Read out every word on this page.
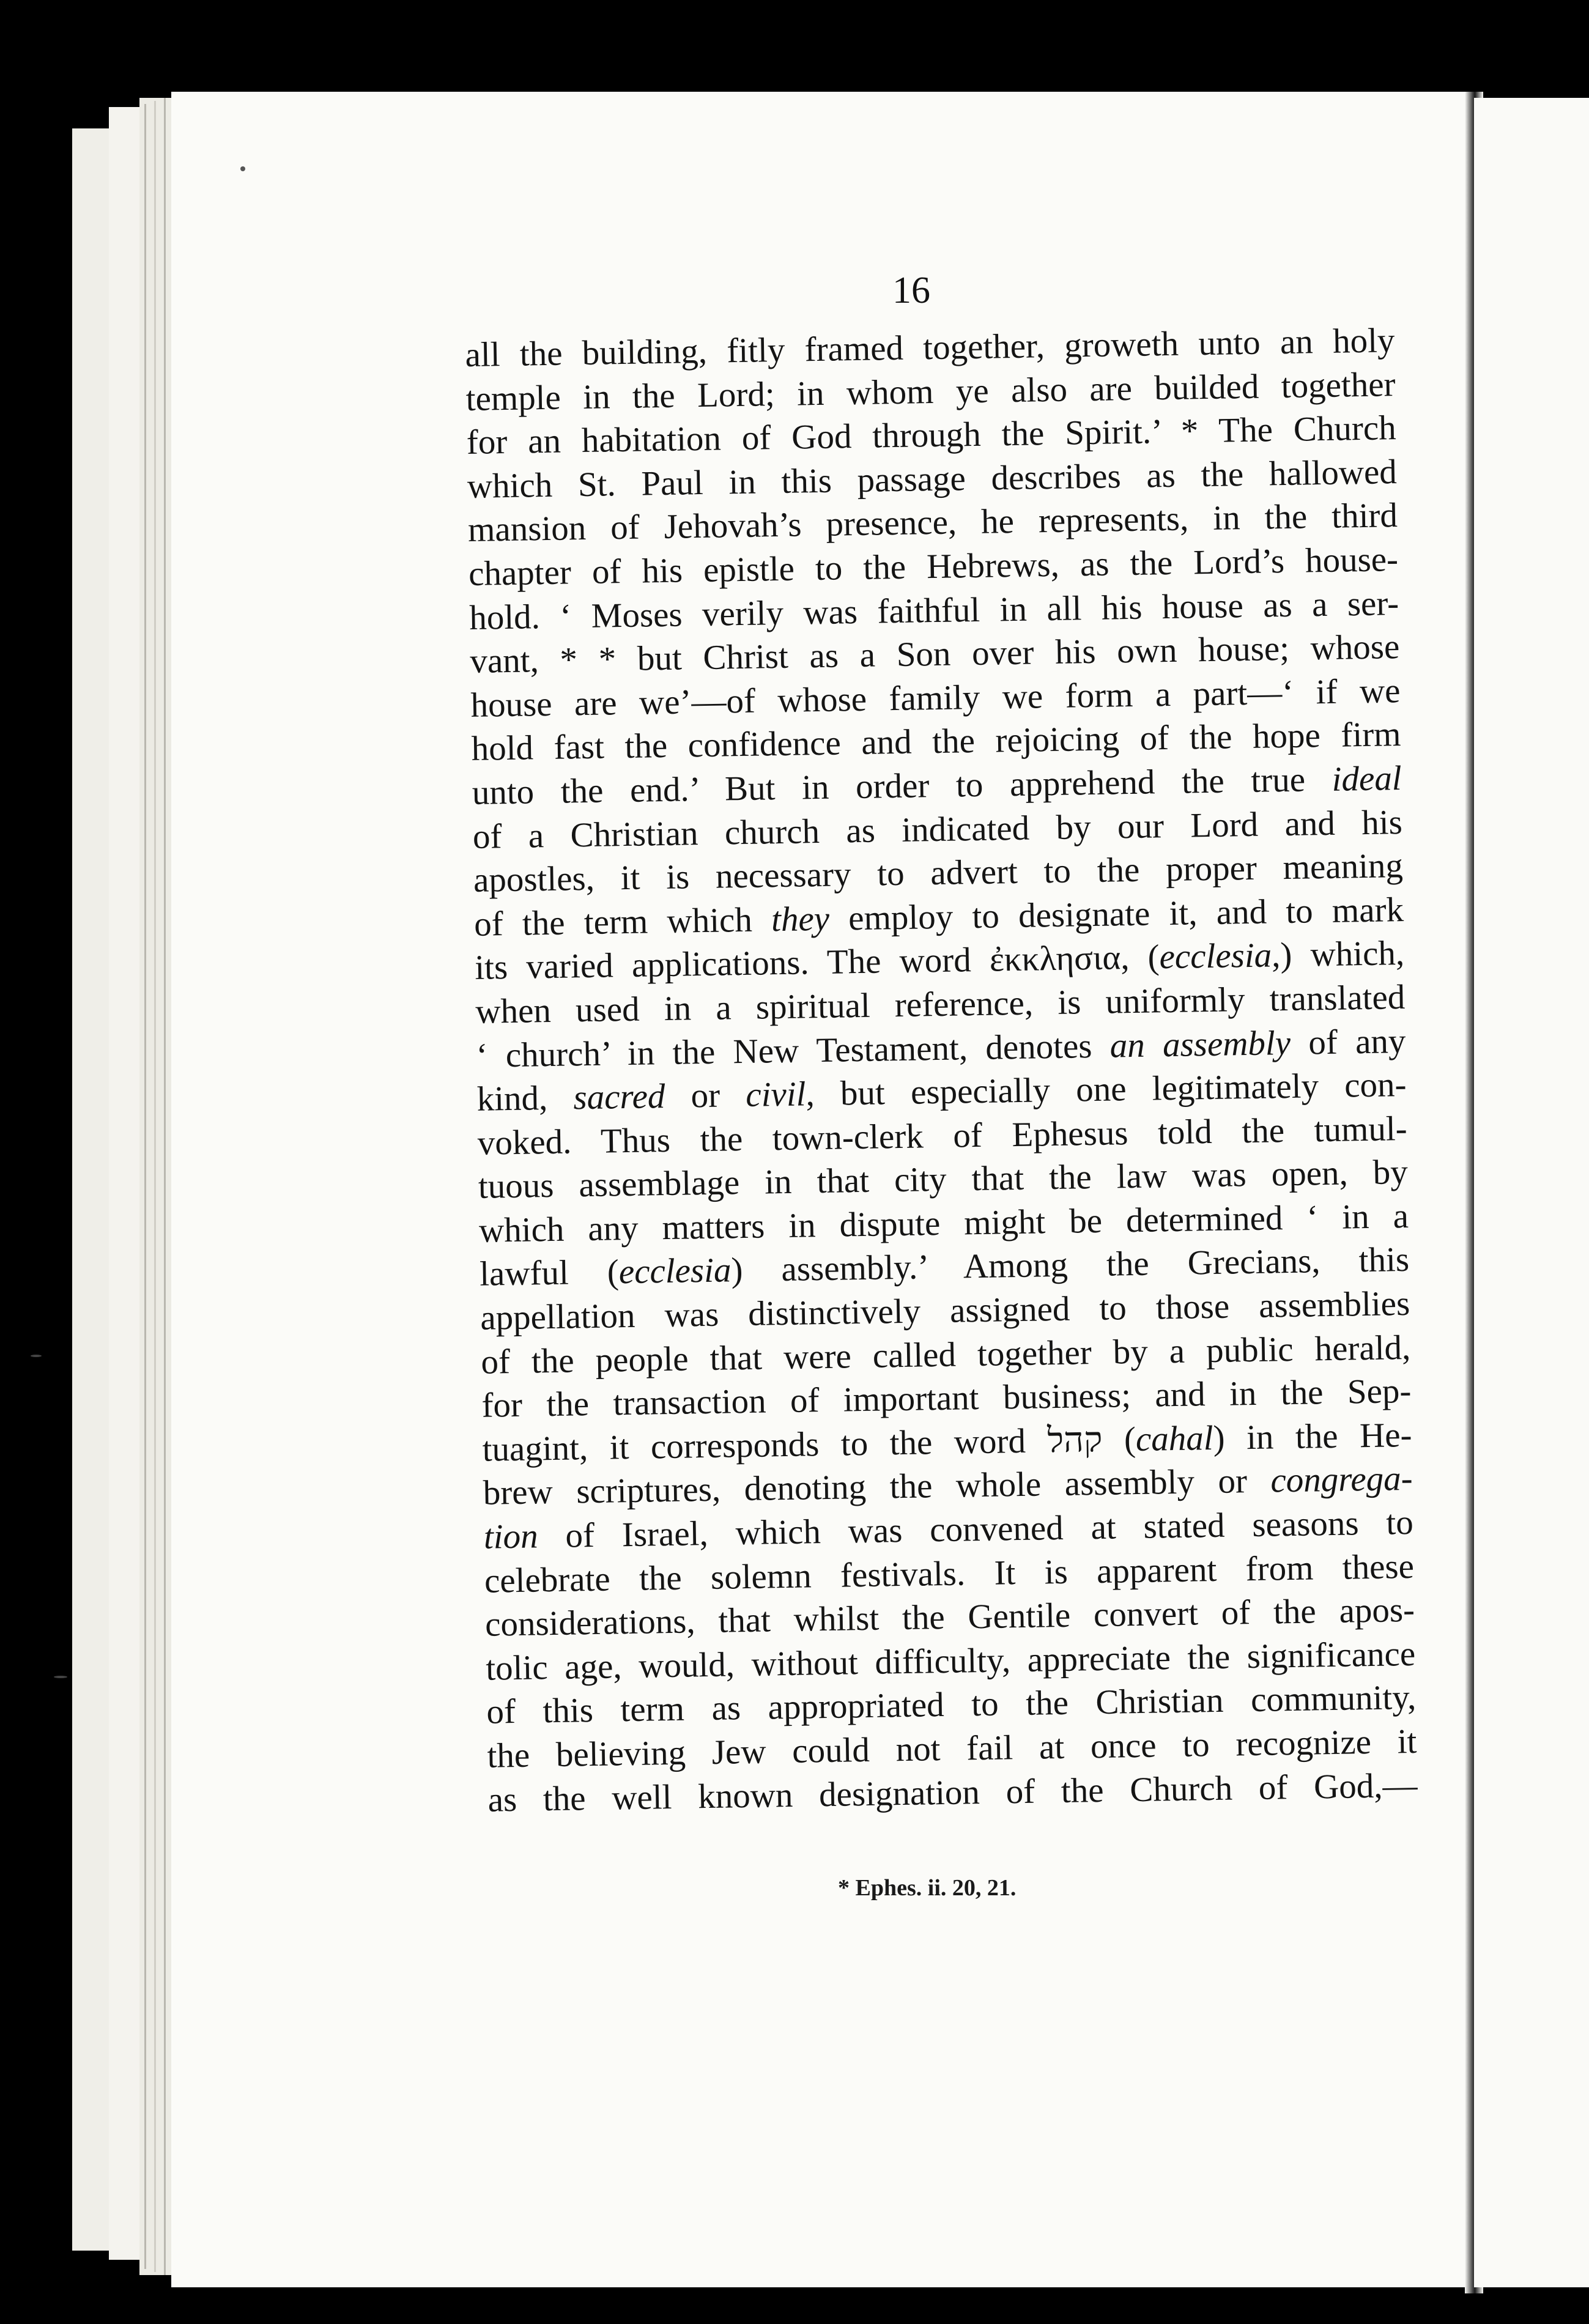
16
all the building, fitly framed together, groweth unto an holy
temple in the Lord; in whom ye also are builded together
for an habitation of God through the Spirit.’ * The Church
which St. Paul in this passage describes as the hallowed
mansion of Jehovah’s presence, he represents, in the third
chapter of his epistle to the Hebrews, as the Lord’s house-
hold. ‘ Moses verily was faithful in all his house as a ser-
vant, * * but Christ as a Son over his own house; whose
house are we’—of whose family we form a part—‘ if we
hold fast the confidence and the rejoicing of the hope firm
unto the end.’ But in order to apprehend the true ideal
of a Christian church as indicated by our Lord and his
apostles, it is necessary to advert to the proper meaning
of the term which they employ to designate it, and to mark
its varied applications. The word ἐκκλησια, (ecclesia,) which,
when used in a spiritual reference, is uniformly translated
‘ church’ in the New Testament, denotes an assembly of any
kind, sacred or civil, but especially one legitimately con-
voked. Thus the town-clerk of Ephesus told the tumul-
tuous assemblage in that city that the law was open, by
which any matters in dispute might be determined ‘ in a
lawful (ecclesia) assembly.’ Among the Grecians, this
appellation was distinctively assigned to those assemblies
of the people that were called together by a public herald,
for the transaction of important business; and in the Sep-
tuagint, it corresponds to the word קהל (cahal) in the He-
brew scriptures, denoting the whole assembly or congrega-
tion of Israel, which was convened at stated seasons to
celebrate the solemn festivals. It is apparent from these
considerations, that whilst the Gentile convert of the apos-
tolic age, would, without difficulty, appreciate the significance
of this term as appropriated to the Christian community,
the believing Jew could not fail at once to recognize it
as the well known designation of the Church of God,—
* Ephes. ii. 20, 21.
